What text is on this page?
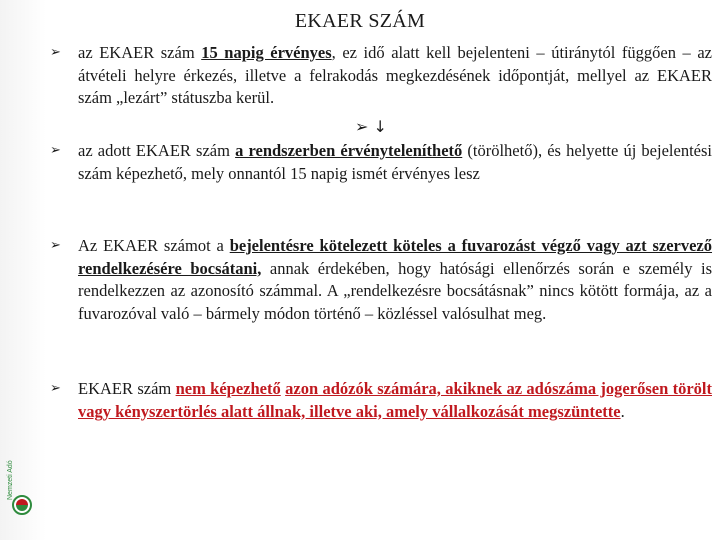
Nemzeti Adó
EKAER SZÁM
➢ az EKAER szám 15 napig érvényes, ez idő alatt kell bejelenteni – útiránytól függően – az átvételi helyre érkezés, illetve a felrakodás megkezdésének időpontját, mellyel az EKAER szám „lezárt” státuszba kerül.
➢ ↓
➢ az adott EKAER szám a rendszerben érvényteleníthető (törölhető), és helyette új bejelentési szám képezhető, mely onnantól 15 napig ismét érvényes lesz
➢ Az EKAER számot a bejelentésre kötelezett köteles a fuvarozást végző vagy azt szervező rendelkezésére bocsátani, annak érdekében, hogy hatósági ellenőrzés során e személy is rendelkezzen az azonosító számmal. A „rendelkezésre bocsátásnak” nincs kötött formája, az a fuvarozóval való – bármely módon történő – közléssel valósulhat meg.
➢ EKAER szám nem képezhető azon adózók számára, akiknek az adószáma jogerősen törölt vagy kényszertörlés alatt állnak, illetve aki, amely vállalkozását megszüntette.
